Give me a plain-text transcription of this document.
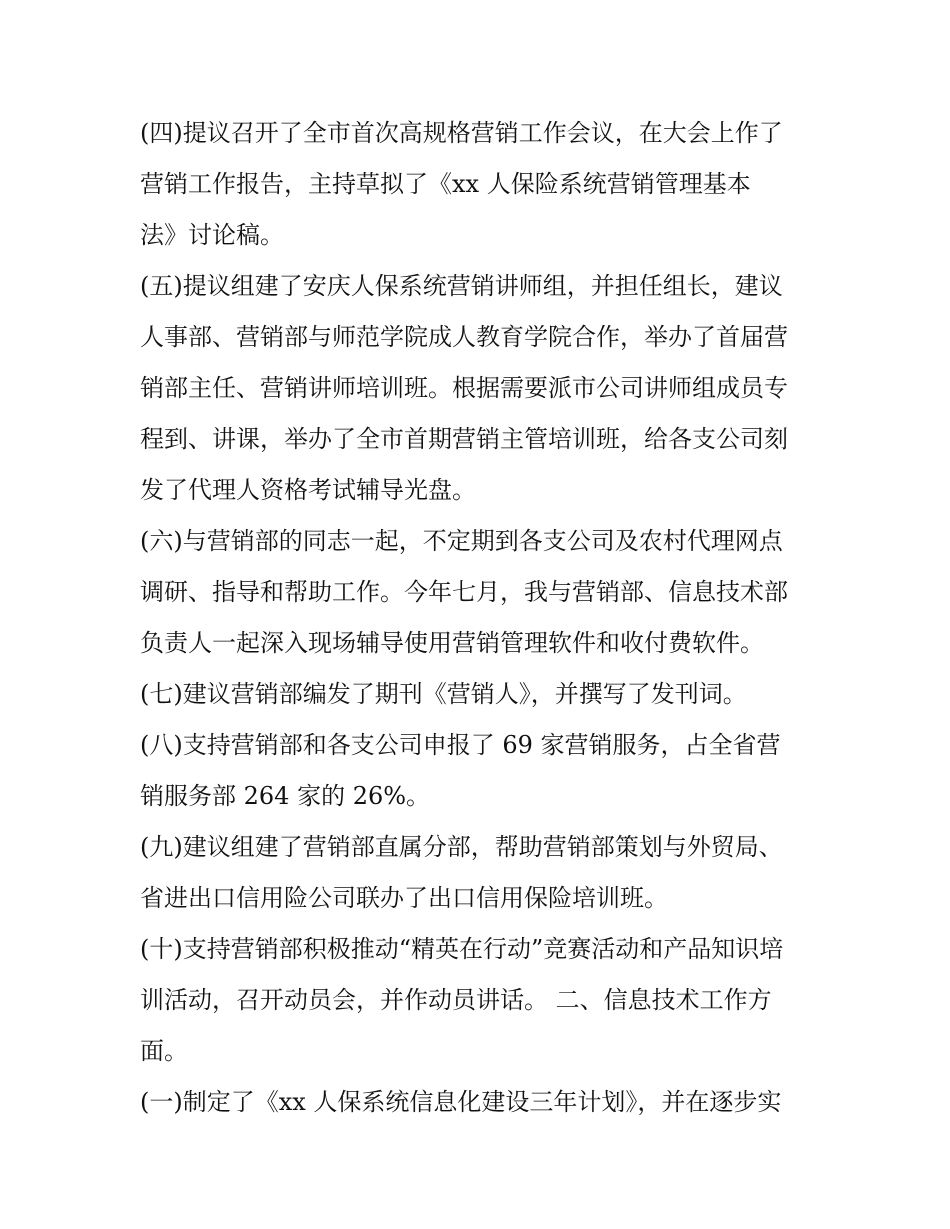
(四)提议召开了全市首次高规格营销工作会议，在大会上作了
营销工作报告，主持草拟了《xx 人保险系统营销管理基本
法》讨论稿。
(五)提议组建了安庆人保系统营销讲师组，并担任组长，建议
人事部、营销部与师范学院成人教育学院合作，举办了首届营
销部主任、营销讲师培训班。根据需要派市公司讲师组成员专
程到、讲课，举办了全市首期营销主管培训班，给各支公司刻
发了代理人资格考试辅导光盘。
(六)与营销部的同志一起，不定期到各支公司及农村代理网点
调研、指导和帮助工作。今年七月，我与营销部、信息技术部
负责人一起深入现场辅导使用营销管理软件和收付费软件。
(七)建议营销部编发了期刊《营销人》，并撰写了发刊词。
(八)支持营销部和各支公司申报了 69 家营销服务，占全省营
销服务部 264 家的 26%。
(九)建议组建了营销部直属分部，帮助营销部策划与外贸局、
省进出口信用险公司联办了出口信用保险培训班。
(十)支持营销部积极推动“精英在行动”竞赛活动和产品知识培
训活动，召开动员会，并作动员讲话。 二、信息技术工作方
面。
(一)制定了《xx 人保系统信息化建设三年计划》，并在逐步实
